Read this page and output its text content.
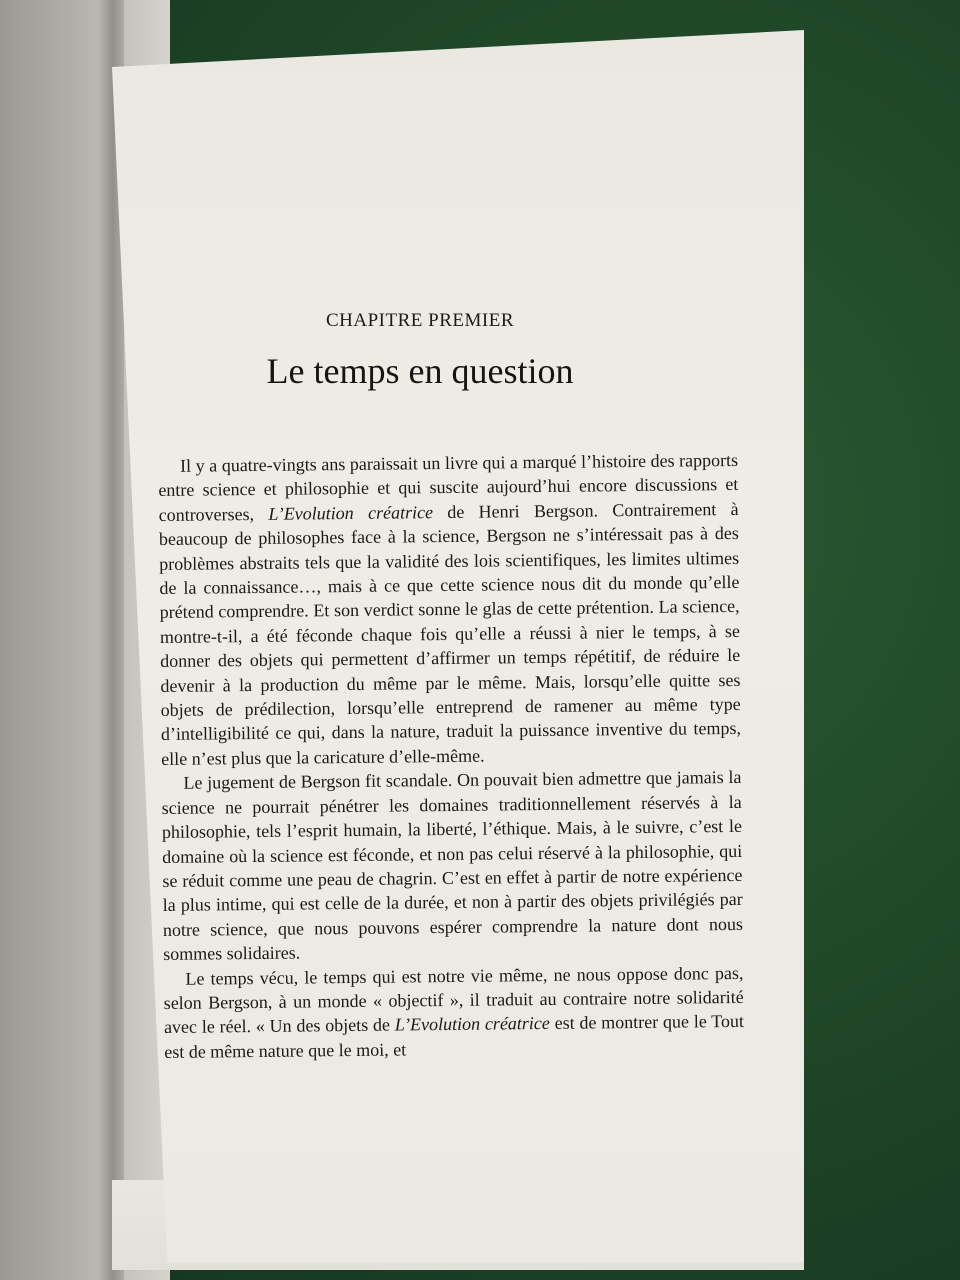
CHAPITRE PREMIER
Le temps en question

Il y a quatre-vingts ans paraissait un livre qui a marqué l’histoire des rapports entre science et philosophie et qui suscite aujourd’hui encore discussions et controverses, L’Evolution créatrice de Henri Bergson. Contrairement à beaucoup de philosophes face à la science, Bergson ne s’intéressait pas à des problèmes abstraits tels que la validité des lois scientifiques, les limites ultimes de la connaissance…, mais à ce que cette science nous dit du monde qu’elle prétend comprendre. Et son verdict sonne le glas de cette prétention. La science, montre-t-il, a été féconde chaque fois qu’elle a réussi à nier le temps, à se donner des objets qui permettent d’affirmer un temps répétitif, de réduire le devenir à la production du même par le même. Mais, lorsqu’elle quitte ses objets de prédilection, lorsqu’elle entreprend de ramener au même type d’intelligibilité ce qui, dans la nature, traduit la puissance inventive du temps, elle n’est plus que la caricature d’elle-même.

Le jugement de Bergson fit scandale. On pouvait bien admettre que jamais la science ne pourrait pénétrer les domaines traditionnellement réservés à la philosophie, tels l’esprit humain, la liberté, l’éthique. Mais, à le suivre, c’est le domaine où la science est féconde, et non pas celui réservé à la philosophie, qui se réduit comme une peau de chagrin. C’est en effet à partir de notre expérience la plus intime, qui est celle de la durée, et non à partir des objets privilégiés par notre science, que nous pouvons espérer comprendre la nature dont nous sommes solidaires.

Le temps vécu, le temps qui est notre vie même, ne nous oppose donc pas, selon Bergson, à un monde « objectif », il traduit au contraire notre solidarité avec le réel. « Un des objets de L’Evolution créatrice est de montrer que le Tout est de même nature que le moi, et
